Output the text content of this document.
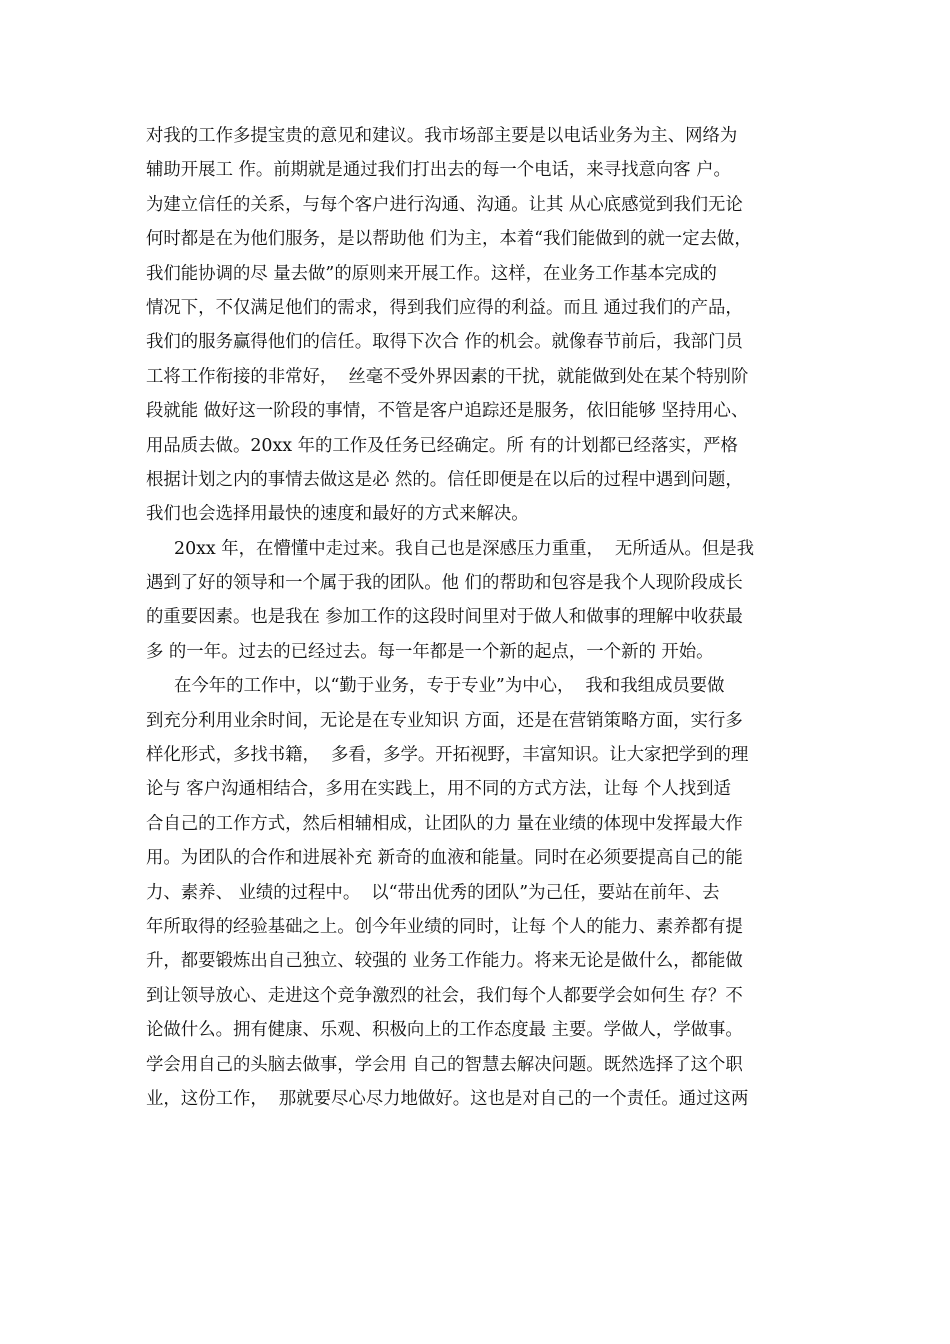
对我的工作多提宝贵的意见和建议。我市场部主要是以电话业务为主、网络为
辅助开展工 作。前期就是通过我们打出去的每一个电话，来寻找意向客 户。
为建立信任的关系，与每个客户进行沟通、沟通。让其 从心底感觉到我们无论
何时都是在为他们服务，是以帮助他 们为主，本着“我们能做到的就一定去做，
我们能协调的尽 量去做”的原则来开展工作。这样，在业务工作基本完成的
情况下，不仅满足他们的需求，得到我们应得的利益。而且 通过我们的产品，
我们的服务赢得他们的信任。取得下次合 作的机会。就像春节前后，我部门员
工将工作衔接的非常好，  丝毫不受外界因素的干扰，就能做到处在某个特别阶
段就能 做好这一阶段的事情，不管是客户追踪还是服务，依旧能够 坚持用心、
用品质去做。20xx 年的工作及任务已经确定。所 有的计划都已经落实，严格
根据计划之内的事情去做这是必 然的。信任即便是在以后的过程中遇到问题，
我们也会选择用最快的速度和最好的方式来解决。
20xx 年，在懵懂中走过来。我自己也是深感压力重重，  无所适从。但是我
遇到了好的领导和一个属于我的团队。他 们的帮助和包容是我个人现阶段成长
的重要因素。也是我在 参加工作的这段时间里对于做人和做事的理解中收获最
多 的一年。过去的已经过去。每一年都是一个新的起点，一个新的 开始。
在今年的工作中，以“勤于业务，专于专业”为中心，  我和我组成员要做
到充分利用业余时间，无论是在专业知识 方面，还是在营销策略方面，实行多
样化形式，多找书籍，  多看，多学。开拓视野，丰富知识。让大家把学到的理
论与 客户沟通相结合，多用在实践上，用不同的方式方法，让每 个人找到适
合自己的工作方式，然后相辅相成，让团队的力 量在业绩的体现中发挥最大作
用。为团队的合作和进展补充 新奇的血液和能量。同时在必须要提高自己的能
力、素养、 业绩的过程中。  以“带出优秀的团队”为己任，要站在前年、去
年所取得的经验基础之上。创今年业绩的同时，让每 个人的能力、素养都有提
升，都要锻炼出自己独立、较强的 业务工作能力。将来无论是做什么，都能做
到让领导放心、走进这个竞争激烈的社会，我们每个人都要学会如何生 存？不
论做什么。拥有健康、乐观、积极向上的工作态度最 主要。学做人，学做事。
学会用自己的头脑去做事，学会用 自己的智慧去解决问题。既然选择了这个职
业，这份工作，  那就要尽心尽力地做好。这也是对自己的一个责任。通过这两
